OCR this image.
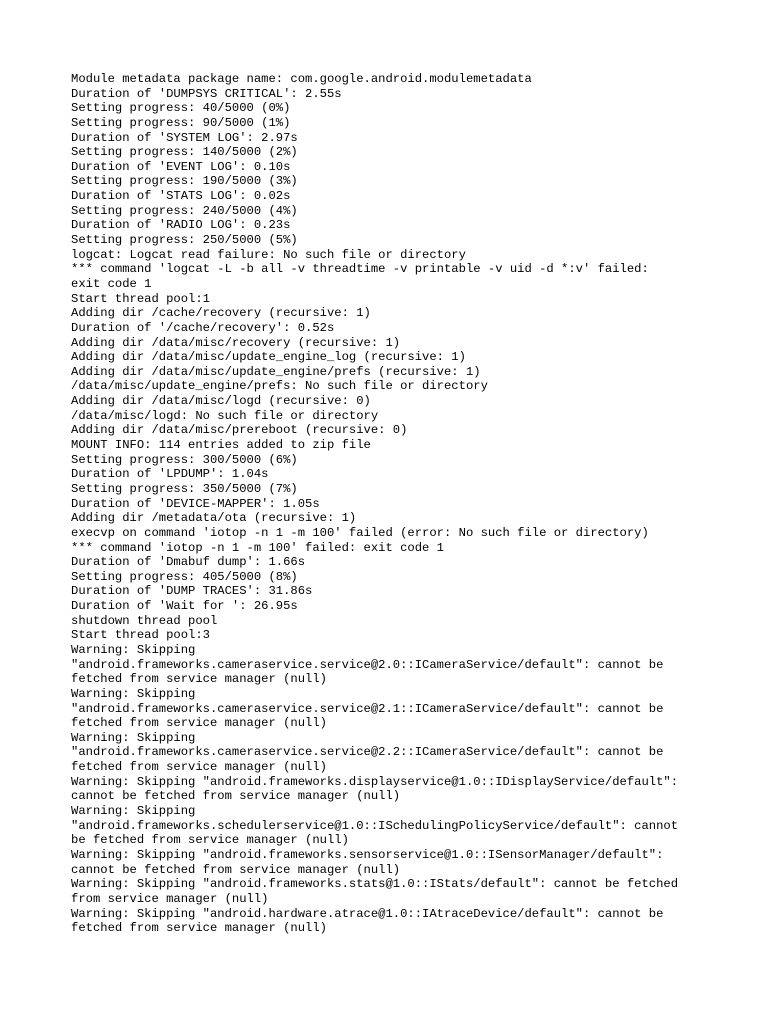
Module metadata package name: com.google.android.modulemetadata
Duration of 'DUMPSYS CRITICAL': 2.55s
Setting progress: 40/5000 (0%)
Setting progress: 90/5000 (1%)
Duration of 'SYSTEM LOG': 2.97s
Setting progress: 140/5000 (2%)
Duration of 'EVENT LOG': 0.10s
Setting progress: 190/5000 (3%)
Duration of 'STATS LOG': 0.02s
Setting progress: 240/5000 (4%)
Duration of 'RADIO LOG': 0.23s
Setting progress: 250/5000 (5%)
logcat: Logcat read failure: No such file or directory
*** command 'logcat -L -b all -v threadtime -v printable -v uid -d *:v' failed:
exit code 1
Start thread pool:1
Adding dir /cache/recovery (recursive: 1)
Duration of '/cache/recovery': 0.52s
Adding dir /data/misc/recovery (recursive: 1)
Adding dir /data/misc/update_engine_log (recursive: 1)
Adding dir /data/misc/update_engine/prefs (recursive: 1)
/data/misc/update_engine/prefs: No such file or directory
Adding dir /data/misc/logd (recursive: 0)
/data/misc/logd: No such file or directory
Adding dir /data/misc/prereboot (recursive: 0)
MOUNT INFO: 114 entries added to zip file
Setting progress: 300/5000 (6%)
Duration of 'LPDUMP': 1.04s
Setting progress: 350/5000 (7%)
Duration of 'DEVICE-MAPPER': 1.05s
Adding dir /metadata/ota (recursive: 1)
execvp on command 'iotop -n 1 -m 100' failed (error: No such file or directory)
*** command 'iotop -n 1 -m 100' failed: exit code 1
Duration of 'Dmabuf dump': 1.66s
Setting progress: 405/5000 (8%)
Duration of 'DUMP TRACES': 31.86s
Duration of 'Wait for ': 26.95s
shutdown thread pool
Start thread pool:3
Warning: Skipping
"android.frameworks.cameraservice.service@2.0::ICameraService/default": cannot be
fetched from service manager (null)
Warning: Skipping
"android.frameworks.cameraservice.service@2.1::ICameraService/default": cannot be
fetched from service manager (null)
Warning: Skipping
"android.frameworks.cameraservice.service@2.2::ICameraService/default": cannot be
fetched from service manager (null)
Warning: Skipping "android.frameworks.displayservice@1.0::IDisplayService/default":
cannot be fetched from service manager (null)
Warning: Skipping
"android.frameworks.schedulerservice@1.0::ISchedulingPolicyService/default": cannot
be fetched from service manager (null)
Warning: Skipping "android.frameworks.sensorservice@1.0::ISensorManager/default":
cannot be fetched from service manager (null)
Warning: Skipping "android.frameworks.stats@1.0::IStats/default": cannot be fetched
from service manager (null)
Warning: Skipping "android.hardware.atrace@1.0::IAtraceDevice/default": cannot be
fetched from service manager (null)
